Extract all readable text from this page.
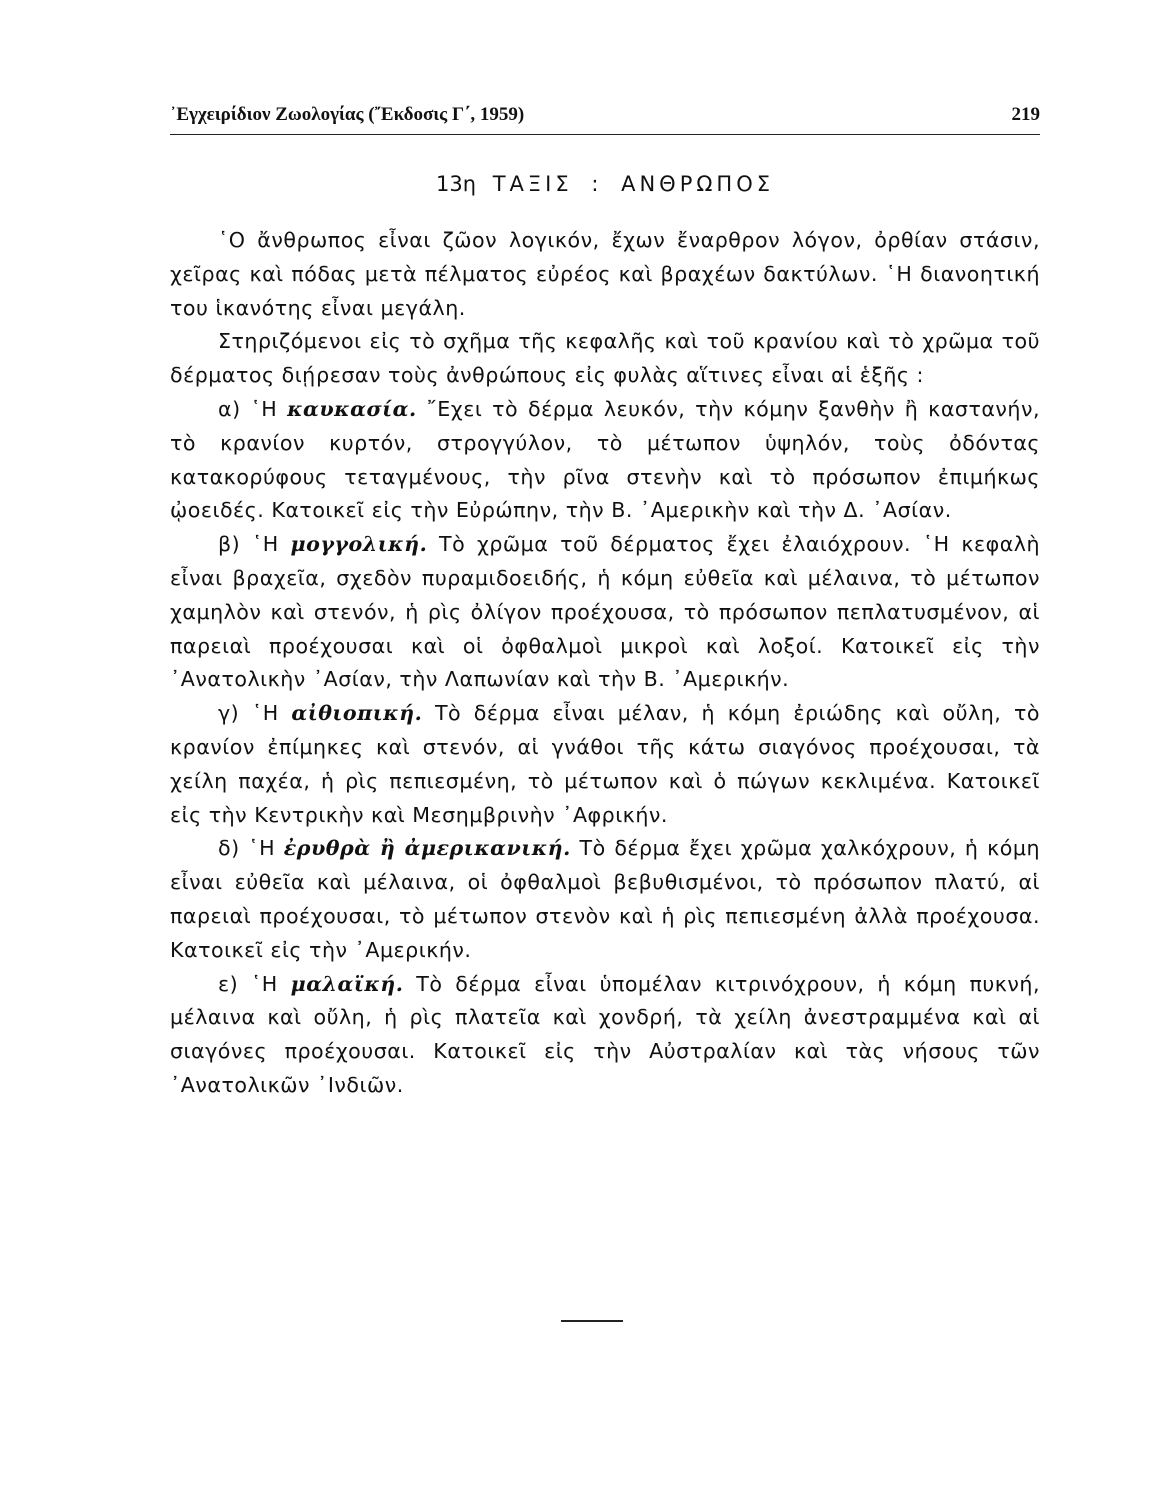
᾿Εγχειρίδιον Ζωολογίας (῎Εκδοσις Γ΄, 1959)	219
13η ΤΑΞΙΣ : ΑΝΘΡΩΠΟΣ

῾Ο ἄνθρωπος εἶναι ζῶον λογικόν, ἔχων ἔναρθρον λόγον, ὀρθίαν στάσιν, χεῖρας καὶ πόδας μετὰ πέλματος εὐρέος καὶ βραχέων δακτύλων. ῾Η διανοητική του ἱκανότης εἶναι μεγάλη.

Στηριζόμενοι εἰς τὸ σχῆμα τῆς κεφαλῆς καὶ τοῦ κρανίου καὶ τὸ χρῶμα τοῦ δέρματος διῄρεσαν τοὺς ἀνθρώπους εἰς φυλὰς αἵτινες εἶναι αἱ ἑξῆς :

α) ῾Η καυκασία. ῎Εχει τὸ δέρμα λευκόν, τὴν κόμην ξανθὴν ἢ καστανήν, τὸ κρανίον κυρτόν, στρογγύλον, τὸ μέτωπον ὑψηλόν, τοὺς ὀδόντας κατακορύφους τεταγμένους, τὴν ρῖνα στενὴν καὶ τὸ πρόσωπον ἐπιμήκως ᾠοειδές. Κατοικεῖ εἰς τὴν Εὐρώπην, τὴν Β. ᾿Αμερικὴν καὶ τὴν Δ. ᾿Ασίαν.

β) ῾Η μογγολική. Τὸ χρῶμα τοῦ δέρματος ἔχει ἐλαιόχρουν. ῾Η κεφαλὴ εἶναι βραχεῖα, σχεδὸν πυραμιδοειδής, ἡ κόμη εὐθεῖα καὶ μέλαινα, τὸ μέτωπον χαμηλὸν καὶ στενόν, ἡ ρὶς ὀλίγον προέχουσα, τὸ πρόσωπον πεπλατυσμένον, αἱ παρειαὶ προέχουσαι καὶ οἱ ὀφθαλμοὶ μικροὶ καὶ λοξοί. Κατοικεῖ εἰς τὴν ᾿Ανατολικὴν ᾿Ασίαν, τὴν Λαπωνίαν καὶ τὴν Β. ᾿Αμερικήν.

γ) ῾Η αἰθιοπική. Τὸ δέρμα εἶναι μέλαν, ἡ κόμη ἐριώδης καὶ οὔλη, τὸ κρανίον ἐπίμηκες καὶ στενόν, αἱ γνάθοι τῆς κάτω σιαγόνος προέχουσαι, τὰ χείλη παχέα, ἡ ρὶς πεπιεσμένη, τὸ μέτωπον καὶ ὁ πώγων κεκλιμένα. Κατοικεῖ εἰς τὴν Κεντρικὴν καὶ Μεσημβρινὴν ᾿Αφρικήν.

δ) ῾Η ἐρυθρὰ ἢ ἀμερικανική. Τὸ δέρμα ἔχει χρῶμα χαλκόχρουν, ἡ κόμη εἶναι εὐθεῖα καὶ μέλαινα, οἱ ὀφθαλμοὶ βεβυθισμένοι, τὸ πρόσωπον πλατύ, αἱ παρειαὶ προέχουσαι, τὸ μέτωπον στενὸν καὶ ἡ ρὶς πεπιεσμένη ἀλλὰ προέχουσα. Κατοικεῖ εἰς τὴν ᾿Αμερικήν.

ε) ῾Η μαλαϊκή. Τὸ δέρμα εἶναι ὑπομέλαν κιτρινόχρουν, ἡ κόμη πυκνή, μέλαινα καὶ οὔλη, ἡ ρὶς πλατεῖα καὶ χονδρή, τὰ χείλη ἀνεστραμμένα καὶ αἱ σιαγόνες προέχουσαι. Κατοικεῖ εἰς τὴν Αὐστραλίαν καὶ τὰς νήσους τῶν ᾿Ανατολικῶν ᾿Ινδιῶν.
